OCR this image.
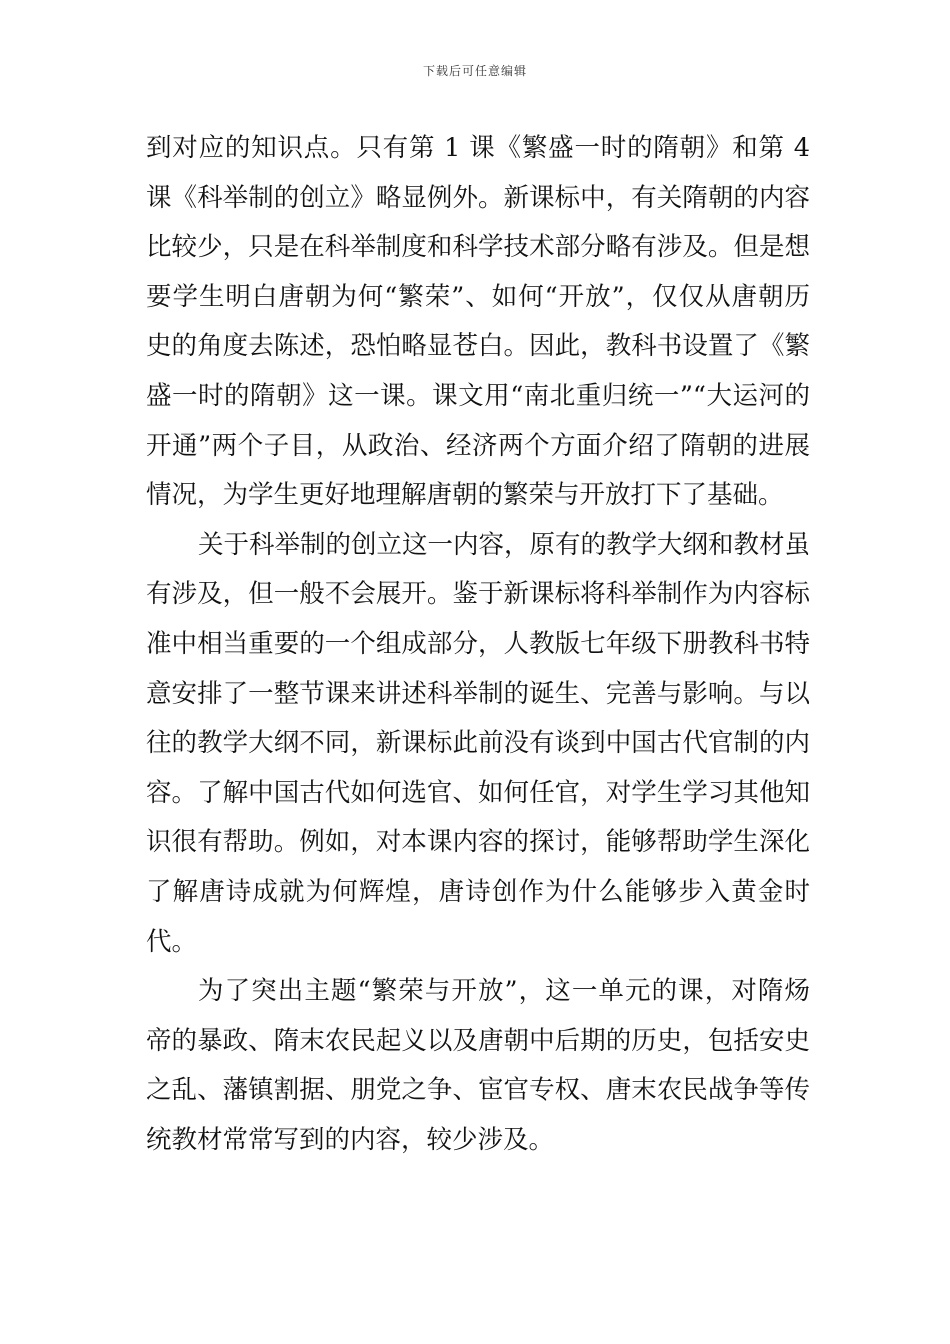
下载后可任意编辑

到对应的知识点。只有第 1 课《繁盛一时的隋朝》和第 4 课《科举制的创立》略显例外。新课标中，有关隋朝的内容比较少，只是在科举制度和科学技术部分略有涉及。但是想要学生明白唐朝为何“繁荣”、如何“开放”，仅仅从唐朝历史的角度去陈述，恐怕略显苍白。因此，教科书设置了《繁盛一时的隋朝》这一课。课文用“南北重归统一”“大运河的开通”两个子目，从政治、经济两个方面介绍了隋朝的进展情况，为学生更好地理解唐朝的繁荣与开放打下了基础。

关于科举制的创立这一内容，原有的教学大纲和教材虽有涉及，但一般不会展开。鉴于新课标将科举制作为内容标准中相当重要的一个组成部分，人教版七年级下册教科书特意安排了一整节课来讲述科举制的诞生、完善与影响。与以往的教学大纲不同，新课标此前没有谈到中国古代官制的内容。了解中国古代如何选官、如何任官，对学生学习其他知识很有帮助。例如，对本课内容的探讨，能够帮助学生深化了解唐诗成就为何辉煌，唐诗创作为什么能够步入黄金时代。

为了突出主题“繁荣与开放”，这一单元的课，对隋炀帝的暴政、隋末农民起义以及唐朝中后期的历史，包括安史之乱、藩镇割据、朋党之争、宦官专权、唐末农民战争等传统教材常常写到的内容，较少涉及。
